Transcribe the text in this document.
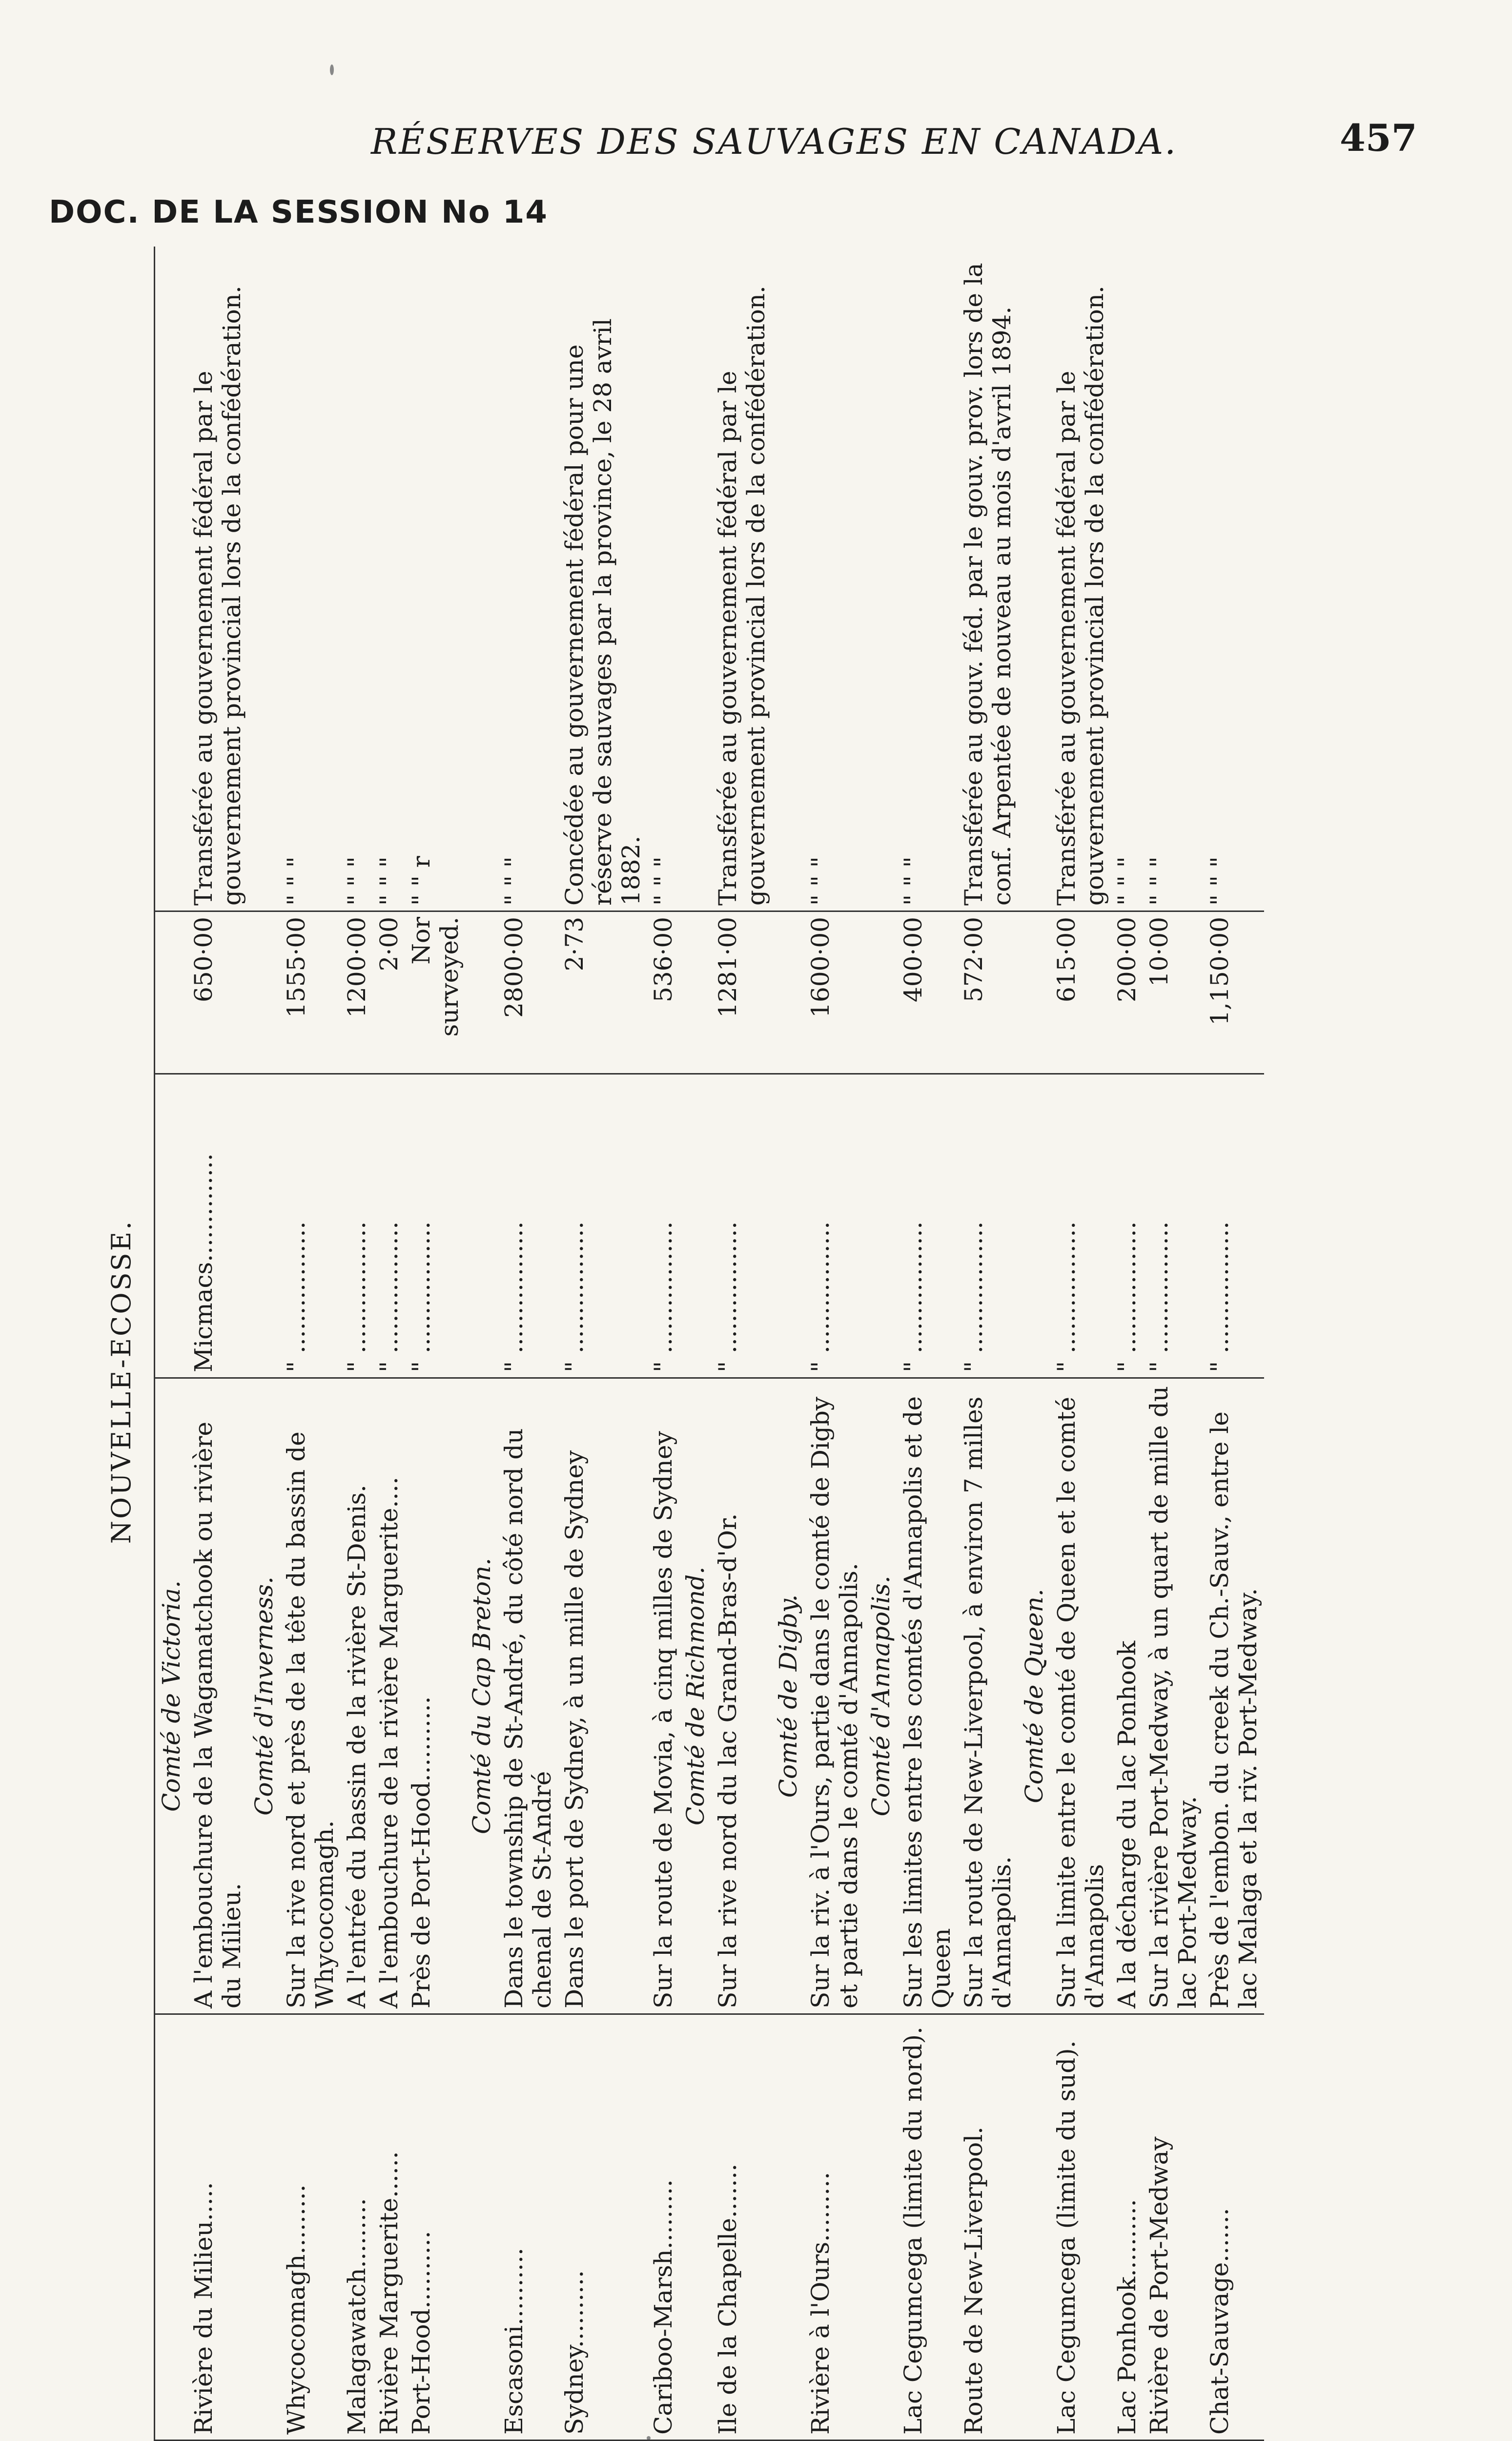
RÉSERVES DES SAUVAGES EN CANADA.	457
DOC. DE LA SESSION No 14
NOUVELLE-ECOSSE.
		Comté de Victoria.			
	Rivière du Milieu.....	A l'embouchure de la Wagamatchook ou rivière du Milieu.	Micmacs..............	650·00	Transférée au gouvernement fédéral par le gouvernement provincial lors de la confédération.
		Comté d'Inverness.			
	Whycocomagh.........	Sur la rive nord et près de la tête du bassin de Whycocomagh.	" .................	1555·00	" " "
	Malagawatch.........	A l'entrée du bassin de la rivière St-Denis.	" .................	1200·00	" " "
	Rivière Marguerite......	A l'embouchure de la rivière Marguerite....	" .................	2·00	" " "
	Port-Hood..........	Près de Port-Hood...........	" .................	Nor surveyed.	" " r
		Comté du Cap Breton.			
	Escasoni..........	Dans le township de St-André, du côté nord du chenal de St-André	" .................	2800·00	" " "
	Sydney..........	Dans le port de Sydney, à un mille de Sydney	" .................	2·73	Concédée au gouvernement fédéral pour une réserve de sauvages par la province, le 28 avril 1882.
	Cariboo-Marsh.........	Sur la route de Movia, à cinq milles de Sydney	" .................	536·00	" " "
		Comté de Richmond.			
	Ile de la Chapelle.......	Sur la rive nord du lac Grand-Bras-d'Or.	" .................	1281·00	Transférée au gouvernement fédéral par le gouvernement provincial lors de la confédération.
		Comté de Digby.			
	Rivière à l'Ours.........	Sur la riv. à l'Ours, partie dans le comté de Digby et partie dans le comté d'Annapolis.	" .................	1600·00	" " "
		Comté d'Annapolis.			
	Lac Cegumcega (limite du nord).	Sur les limites entre les comtés d'Annapolis et de Queen	" .................	400·00	" " "
	Route de New-Liverpool.	Sur la route de New-Liverpool, à environ 7 milles d'Annapolis.	" .................	572·00	Transférée au gouv. féd. par le gouv. prov. lors de la conf. Arpentée de nouveau au mois d'avril 1894.
		Comté de Queen.			
	Lac Cegumcega (limite du sud).	Sur la limite entre le comté de Queen et le comté d'Annapolis	" .................	615·00	Transférée au gouvernement fédéral par le gouvernement provincial lors de la confédération.
	Lac Ponhook..........	A la décharge du lac Ponhook	" .................	200·00	" " "
	Rivière de Port-Medway	Sur la rivière Port-Medway, à un quart de mille du lac Port-Medway.	" .................	10·00	" " "
	Chat-Sauvage.......	Près de l'embon. du creek du Ch.-Sauv., entre le lac Malaga et la riv. Port-Medway.	" .................	1,150·00	" " "
